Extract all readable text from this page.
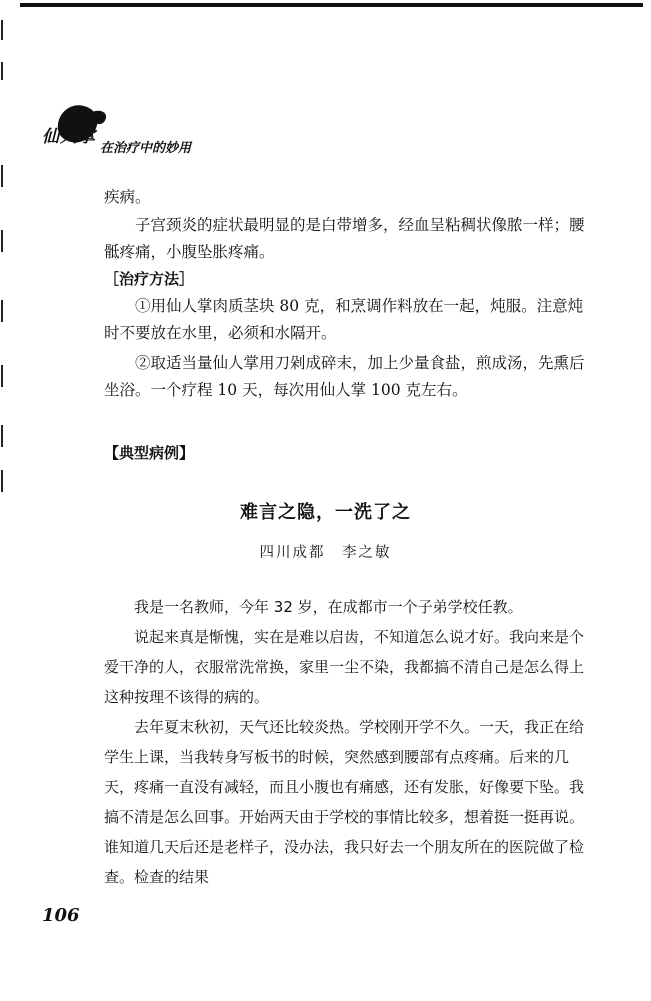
仙人掌
在治疗中的妙用

疾病。

　　子宫颈炎的症状最明显的是白带增多，经血呈粘稠状像脓一样；腰骶疼痛，小腹坠胀疼痛。

［治疗方法］

　　①用仙人掌肉质茎块 80 克，和烹调作料放在一起，炖服。注意炖时不要放在水里，必须和水隔开。

　　②取适当量仙人掌用刀剁成碎末，加上少量食盐，煎成汤，先熏后坐浴。一个疗程 10 天，每次用仙人掌 100 克左右。

【典型病例】
难言之隐，一洗了之
四川成都　李之敏

　　我是一名教师，今年 32 岁，在成都市一个子弟学校任教。

　　说起来真是惭愧，实在是难以启齿，不知道怎么说才好。我向来是个爱干净的人，衣服常洗常换，家里一尘不染，我都搞不清自己是怎么得上这种按理不该得的病的。

　　去年夏末秋初，天气还比较炎热。学校刚开学不久。一天，我正在给学生上课，当我转身写板书的时候，突然感到腰部有点疼痛。后来的几天，疼痛一直没有减轻，而且小腹也有痛感，还有发胀，好像要下坠。我搞不清是怎么回事。开始两天由于学校的事情比较多，想着挺一挺再说。谁知道几天后还是老样子，没办法，我只好去一个朋友所在的医院做了检查。检查的结果

106
